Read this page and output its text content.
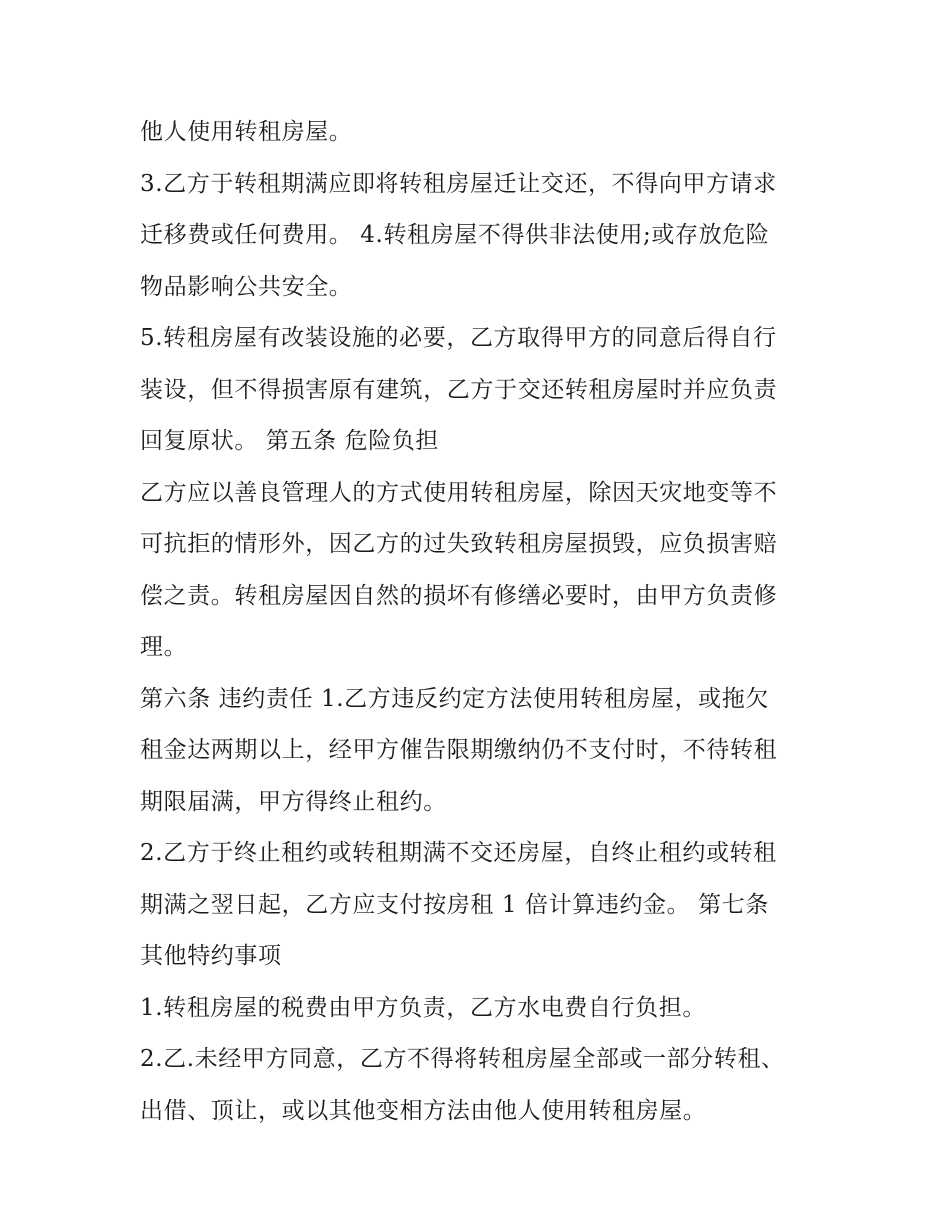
他人使用转租房屋。
3.乙方于转租期满应即将转租房屋迁让交还，不得向甲方请求
迁移费或任何费用。 4.转租房屋不得供非法使用;或存放危险
物品影响公共安全。
5.转租房屋有改装设施的必要，乙方取得甲方的同意后得自行
装设，但不得损害原有建筑，乙方于交还转租房屋时并应负责
回复原状。 第五条 危险负担
乙方应以善良管理人的方式使用转租房屋，除因天灾地变等不
可抗拒的情形外，因乙方的过失致转租房屋损毁，应负损害赔
偿之责。转租房屋因自然的损坏有修缮必要时，由甲方负责修
理。
第六条 违约责任 1.乙方违反约定方法使用转租房屋，或拖欠
租金达两期以上，经甲方催告限期缴纳仍不支付时，不待转租
期限届满，甲方得终止租约。
2.乙方于终止租约或转租期满不交还房屋，自终止租约或转租
期满之翌日起，乙方应支付按房租 1 倍计算违约金。 第七条
其他特约事项
1.转租房屋的税费由甲方负责，乙方水电费自行负担。
2.乙.未经甲方同意，乙方不得将转租房屋全部或一部分转租、
出借、顶让，或以其他变相方法由他人使用转租房屋。
